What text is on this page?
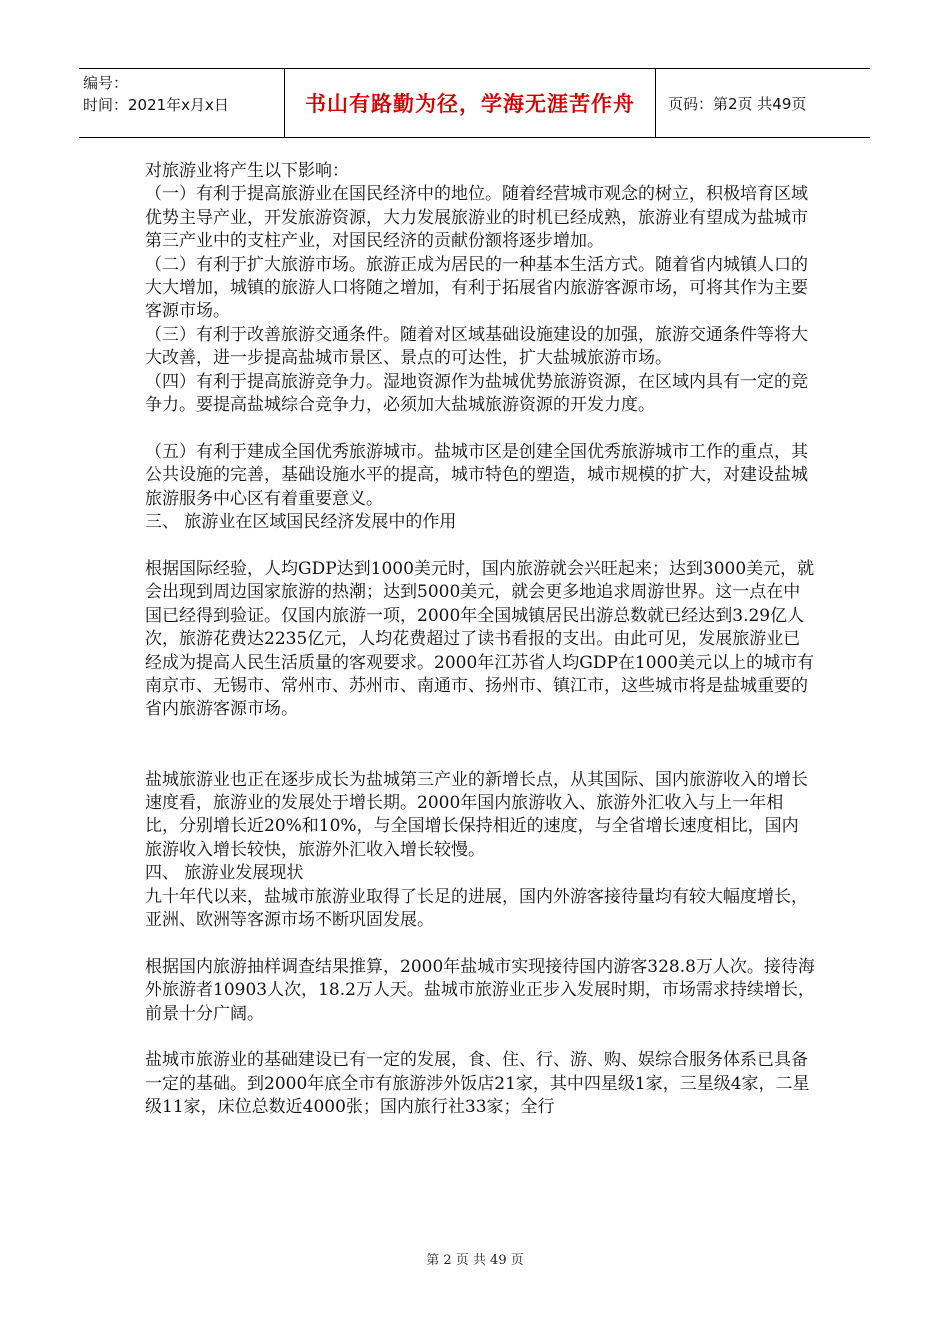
编号：
时间：2021年x月x日	书山有路勤为径，学海无涯苦作舟	页码：第2页 共49页

对旅游业将产生以下影响：

（一）有利于提高旅游业在国民经济中的地位。随着经营城市观念的树立，积极培育区域优势主导产业，开发旅游资源，大力发展旅游业的时机已经成熟，旅游业有望成为盐城市第三产业中的支柱产业，对国民经济的贡献份额将逐步增加。

（二）有利于扩大旅游市场。旅游正成为居民的一种基本生活方式。随着省内城镇人口的大大增加，城镇的旅游人口将随之增加，有利于拓展省内旅游客源市场，可将其作为主要客源市场。

（三）有利于改善旅游交通条件。随着对区域基础设施建设的加强，旅游交通条件等将大大改善，进一步提高盐城市景区、景点的可达性，扩大盐城旅游市场。

（四）有利于提高旅游竞争力。湿地资源作为盐城优势旅游资源，在区域内具有一定的竞争力。要提高盐城综合竞争力，必须加大盐城旅游资源的开发力度。

（五）有利于建成全国优秀旅游城市。盐城市区是创建全国优秀旅游城市工作的重点，其公共设施的完善，基础设施水平的提高，城市特色的塑造，城市规模的扩大，对建设盐城旅游服务中心区有着重要意义。

三、 旅游业在区域国民经济发展中的作用

根据国际经验，人均GDP达到1000美元时，国内旅游就会兴旺起来；达到3000美元，就会出现到周边国家旅游的热潮；达到5000美元，就会更多地追求周游世界。这一点在中国已经得到验证。仅国内旅游一项，2000年全国城镇居民出游总数就已经达到3.29亿人次，旅游花费达2235亿元，人均花费超过了读书看报的支出。由此可见，发展旅游业已经成为提高人民生活质量的客观要求。2000年江苏省人均GDP在1000美元以上的城市有南京市、无锡市、常州市、苏州市、南通市、扬州市、镇江市，这些城市将是盐城重要的省内旅游客源市场。

盐城旅游业也正在逐步成长为盐城第三产业的新增长点，从其国际、国内旅游收入的增长速度看，旅游业的发展处于增长期。2000年国内旅游收入、旅游外汇收入与上一年相比，分别增长近20%和10%，与全国增长保持相近的速度，与全省增长速度相比，国内旅游收入增长较快，旅游外汇收入增长较慢。

四、 旅游业发展现状

九十年代以来，盐城市旅游业取得了长足的进展，国内外游客接待量均有较大幅度增长，亚洲、欧洲等客源市场不断巩固发展。

根据国内旅游抽样调查结果推算，2000年盐城市实现接待国内游客328.8万人次。接待海外旅游者10903人次，18.2万人天。盐城市旅游业正步入发展时期，市场需求持续增长，前景十分广阔。

盐城市旅游业的基础建设已有一定的发展，食、住、行、游、购、娱综合服务体系已具备一定的基础。到2000年底全市有旅游涉外饭店21家，其中四星级1家，三星级4家，二星级11家，床位总数近4000张；国内旅行社33家；全行

第 2 页 共 49 页
